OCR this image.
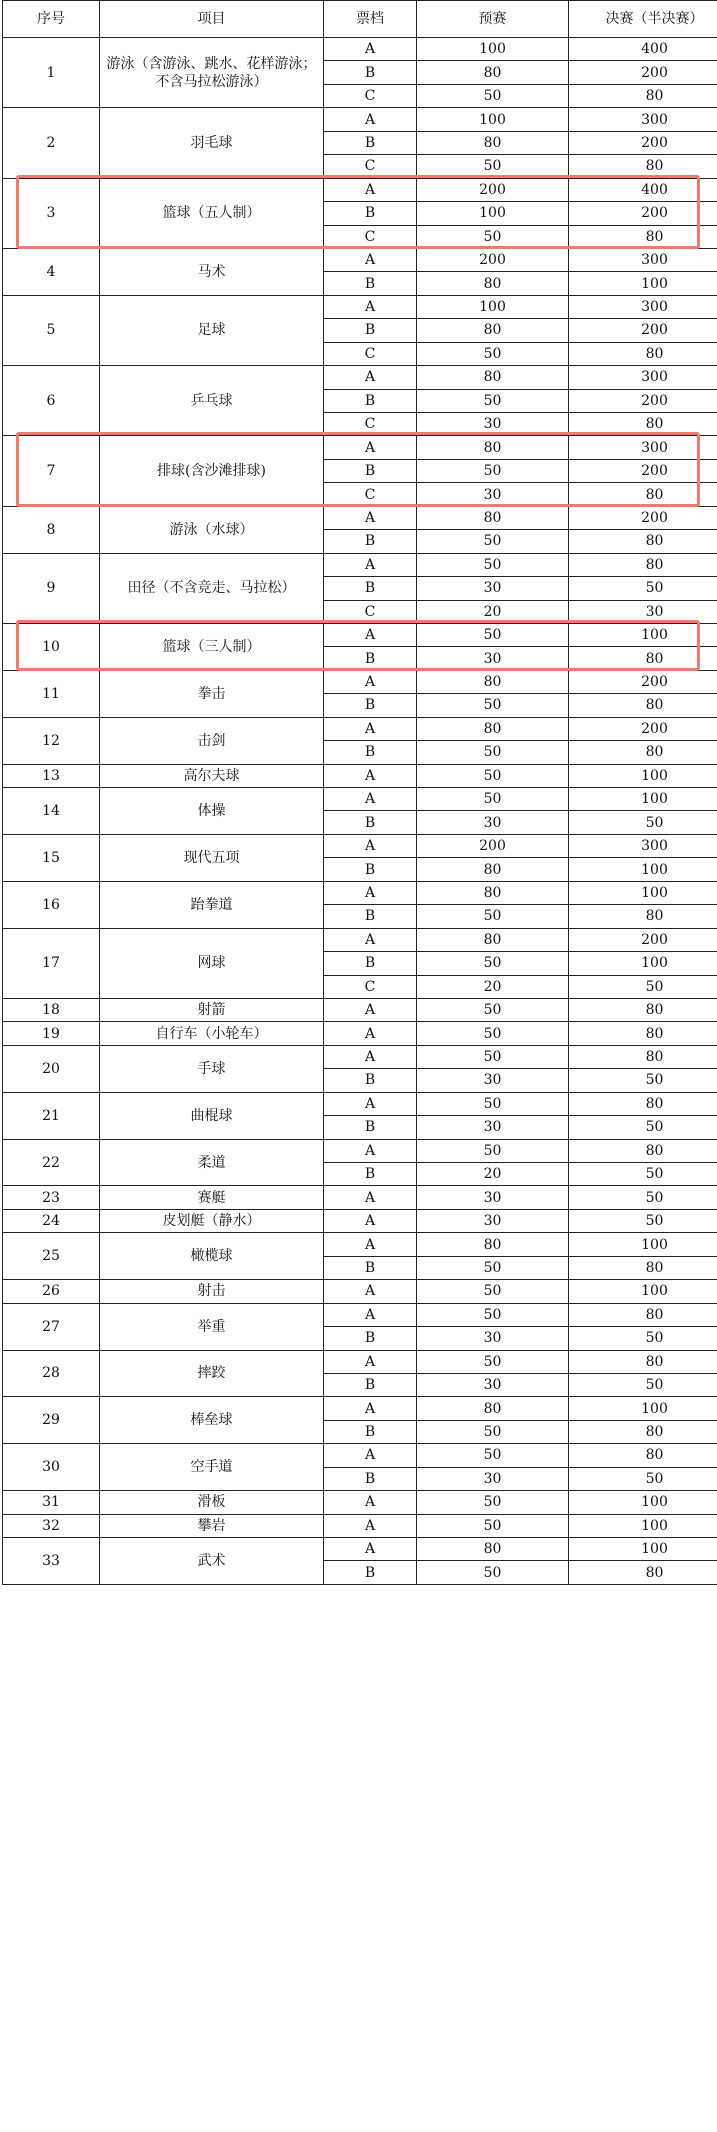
序号	项目	票档	预赛	决赛（半决赛）
1	游泳（含游泳、跳水、花样游泳；不含马拉松游泳）	A	100	400
		B	80	200
		C	50	80
2	羽毛球	A	100	300
		B	80	200
		C	50	80
3	篮球（五人制）	A	200	400
		B	100	200
		C	50	80
4	马术	A	200	300
		B	80	100
5	足球	A	100	300
		B	80	200
		C	50	80
6	乒乓球	A	80	300
		B	50	200
		C	30	80
7	排球(含沙滩排球)	A	80	300
		B	50	200
		C	30	80
8	游泳（水球）	A	80	200
		B	50	80
9	田径（不含竞走、马拉松）	A	50	80
		B	30	50
		C	20	30
10	篮球（三人制）	A	50	100
		B	30	80
11	拳击	A	80	200
		B	50	80
12	击剑	A	80	200
		B	50	80
13	高尔夫球	A	50	100
14	体操	A	50	100
		B	30	50
15	现代五项	A	200	300
		B	80	100
16	跆拳道	A	80	100
		B	50	80
17	网球	A	80	200
		B	50	100
		C	20	50
18	射箭	A	50	80
19	自行车（小轮车）	A	50	80
20	手球	A	50	80
		B	30	50
21	曲棍球	A	50	80
		B	30	50
22	柔道	A	50	80
		B	20	50
23	赛艇	A	30	50
24	皮划艇（静水）	A	30	50
25	橄榄球	A	80	100
		B	50	80
26	射击	A	50	100
27	举重	A	50	80
		B	30	50
28	摔跤	A	50	80
		B	30	50
29	棒垒球	A	80	100
		B	50	80
30	空手道	A	50	80
		B	30	50
31	滑板	A	50	100
32	攀岩	A	50	100
33	武术	A	80	100
		B	50	80
